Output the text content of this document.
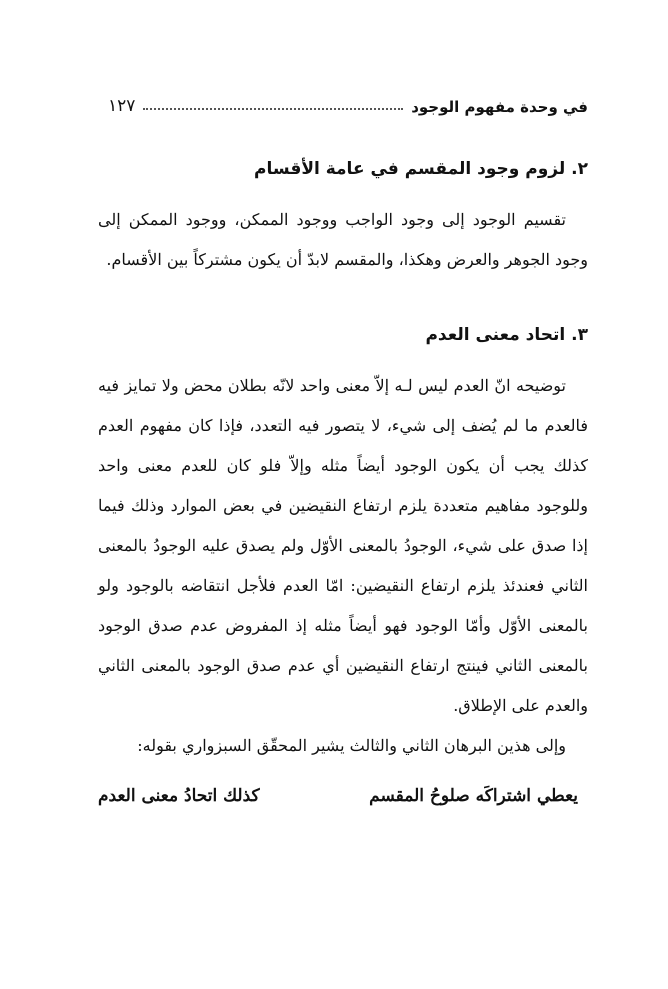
في وحدة مفهوم الوجود
١٢٧
٢. لزوم وجود المقسم في عامة الأقسام

تقسيم الوجود إلى وجود الواجب ووجود الممكن، ووجود الممكن إلى وجود الجوهر والعرض وهكذا، والمقسم لابدّ أن يكون مشتركاً بين الأقسام.

٣. اتحاد معنى العدم

توضيحه انّ العدم ليس لـه إلاّ معنى واحد لانّه بطلان محض ولا تمايز فيه فالعدم ما لم يُضف إلى شيء، لا يتصور فيه التعدد، فإذا كان مفهوم العدم كذلك يجب أن يكون الوجود أيضاً مثله وإلاّ فلو كان للعدم معنى واحد وللوجود مفاهيم متعددة يلزم ارتفاع النقيضين في بعض الموارد وذلك فيما إذا صدق على شيء، الوجودُ بالمعنى الأوّل ولم يصدق عليه الوجودُ بالمعنى الثاني فعندئذ يلزم ارتفاع النقيضين: امّا العدم فلأجل انتقاضه بالوجود ولو بالمعنى الأوّل وأمّا الوجود فهو أيضاً مثله إذ المفروض عدم صدق الوجود بالمعنى الثاني فينتج ارتفاع النقيضين أي عدم صدق الوجود بالمعنى الثاني والعدم على الإطلاق.

وإلى هذين البرهان الثاني والثالث يشير المحقّق السبزواري بقوله:

يعطي اشتراكَه صلوحُ المقسم
كذلك اتحادُ معنى العدم
